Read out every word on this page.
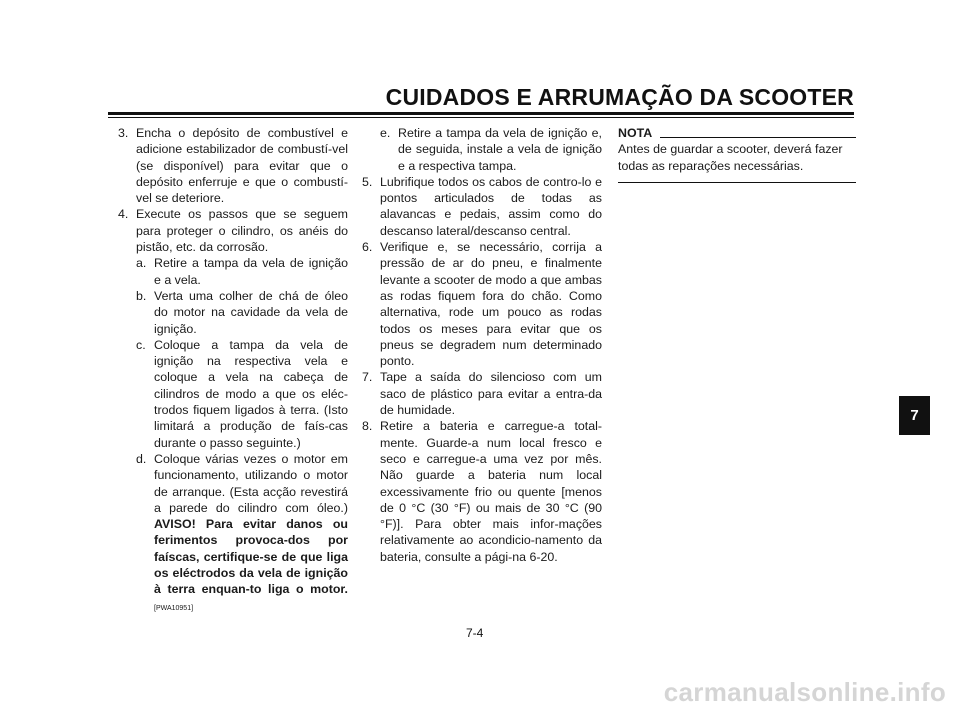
CUIDADOS E ARRUMAÇÃO DA SCOOTER

3. Encha o depósito de combustível e adicione estabilizador de combustí-vel (se disponível) para evitar que o depósito enferruje e que o combustí-vel se deteriore.

4. Execute os passos que se seguem para proteger o cilindro, os anéis do pistão, etc. da corrosão.

a. Retire a tampa da vela de ignição e a vela.

b. Verta uma colher de chá de óleo do motor na cavidade da vela de ignição.

c. Coloque a tampa da vela de ignição na respectiva vela e coloque a vela na cabeça de cilindros de modo a que os eléc-trodos fiquem ligados à terra. (Isto limitará a produção de faís-cas durante o passo seguinte.)

d. Coloque várias vezes o motor em funcionamento, utilizando o motor de arranque. (Esta acção revestirá a parede do cilindro com óleo.) AVISO! Para evitar danos ou ferimentos provoca-dos por faíscas, certifique-se de que liga os eléctrodos da vela de ignição à terra enquan-to liga o motor. [PWA10951]

e. Retire a tampa da vela de ignição e, de seguida, instale a vela de ignição e a respectiva tampa.

5. Lubrifique todos os cabos de contro-lo e pontos articulados de todas as alavancas e pedais, assim como do descanso lateral/descanso central.

6. Verifique e, se necessário, corrija a pressão de ar do pneu, e finalmente levante a scooter de modo a que ambas as rodas fiquem fora do chão. Como alternativa, rode um pouco as rodas todos os meses para evitar que os pneus se degradem num determinado ponto.

7. Tape a saída do silencioso com um saco de plástico para evitar a entra-da de humidade.

8. Retire a bateria e carregue-a total-mente. Guarde-a num local fresco e seco e carregue-a uma vez por mês. Não guarde a bateria num local excessivamente frio ou quente [menos de 0 °C (30 °F) ou mais de 30 °C (90 °F)]. Para obter mais infor-mações relativamente ao acondicio-namento da bateria, consulte a pági-na 6-20.

NOTA

Antes de guardar a scooter, deverá fazer todas as reparações necessárias.

7-4
7
carmanualsonline.info
